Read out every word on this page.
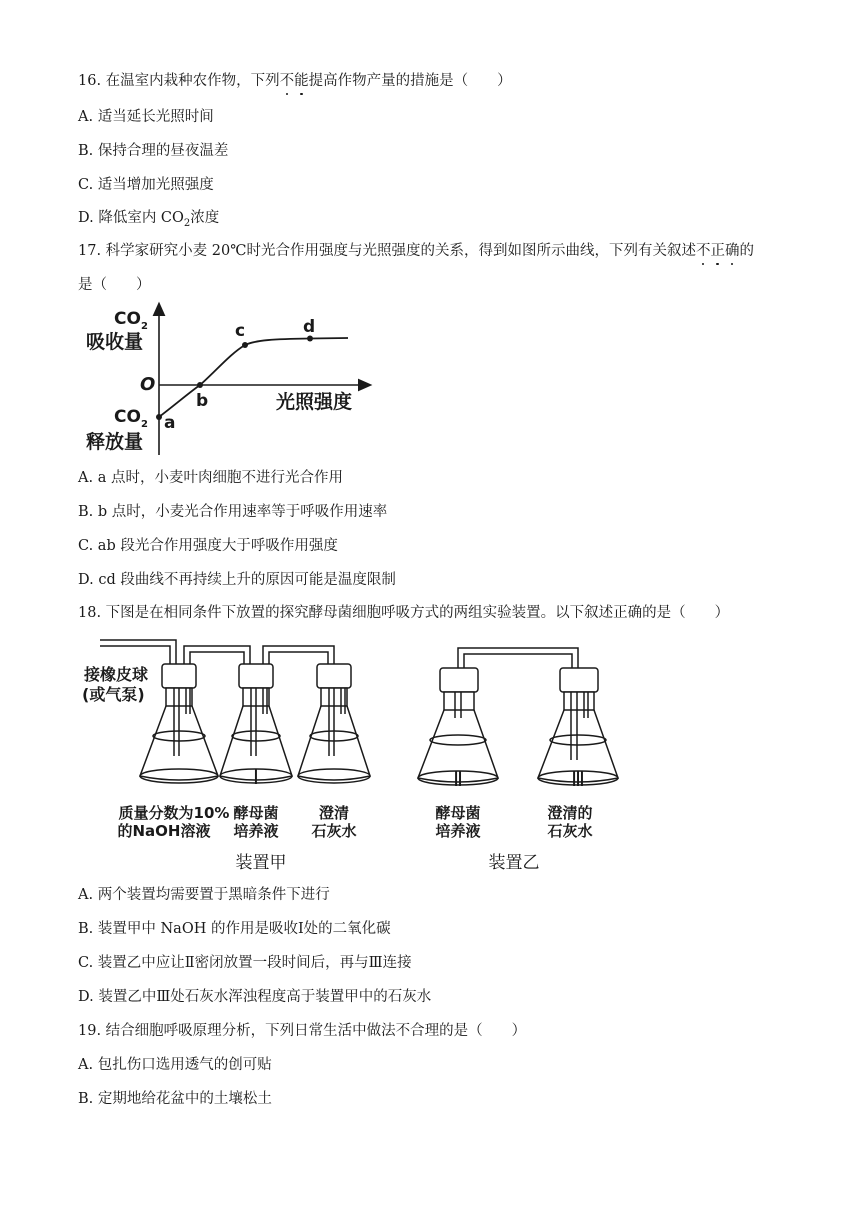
16. 在温室内栽种农作物，下列不能提高作物产量的措施是（　　）
A. 适当延长光照时间
B. 保持合理的昼夜温差
C. 适当增加光照强度
D. 降低室内 $CO_2$浓度
17. 科学家研究小麦 20℃时光合作用强度与光照强度的关系，得到如图所示曲线，下列有关叙述不正确的
是（　　）
$CO_2$
吸收量
O
$CO_2$
释放量
a
b
c	d
光照强度
A. a 点时，小麦叶肉细胞不进行光合作用
B. b 点时，小麦光合作用速率等于呼吸作用速率
C. ab 段光合作用强度大于呼吸作用强度
D. cd 段曲线不再持续上升的原因可能是温度限制
18. 下图是在相同条件下放置的探究酵母菌细胞呼吸方式的两组实验装置。以下叙述正确的是（　　）
接橡皮球
(或气泵)
Ⅰ	Ⅱ	Ⅲ
质量分数为10%
的NaOH溶液
酵母菌
培养液
澄清
石灰水
酵母菌
培养液
澄清的
石灰水
装置甲	装置乙
A. 两个装置均需要置于黑暗条件下进行
B. 装置甲中 NaOH 的作用是吸收Ⅰ处的二氧化碳
C. 装置乙中应让Ⅱ密闭放置一段时间后，再与Ⅲ连接
D. 装置乙中Ⅲ处石灰水浑浊程度高于装置甲中的石灰水
19. 结合细胞呼吸原理分析，下列日常生活中做法不合理的是（　　）
A. 包扎伤口选用透气的创可贴
B. 定期地给花盆中的土壤松土
